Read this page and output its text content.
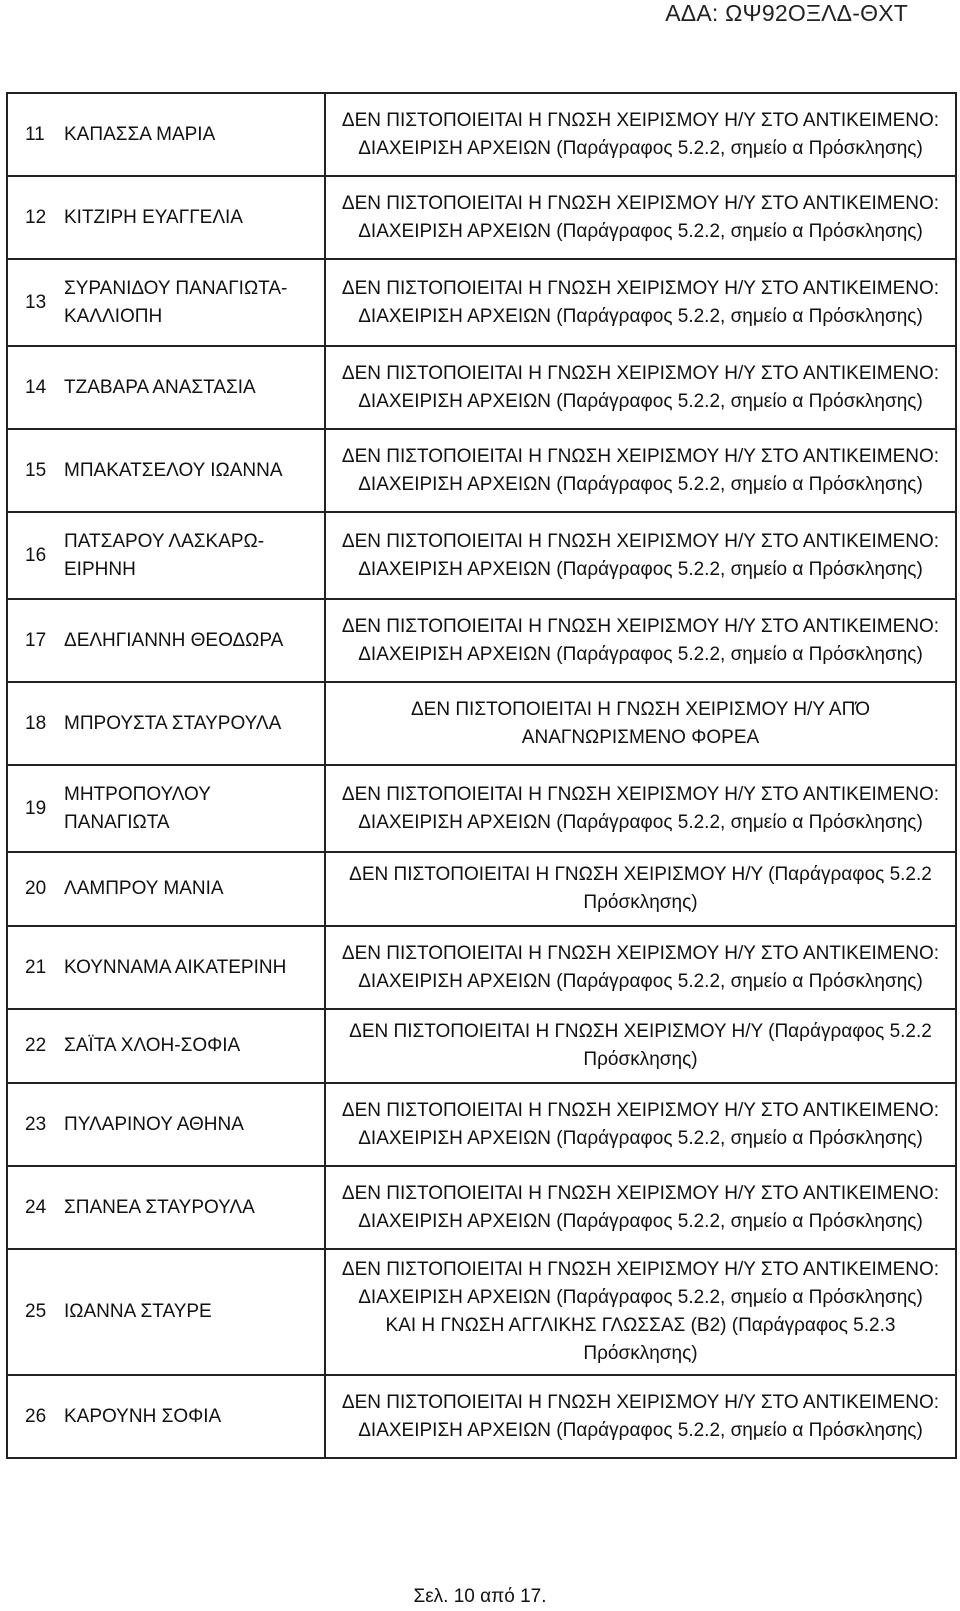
ΑΔΑ: ΩΨ92ΟΞΛΔ-ΘΧΤ
11	ΚΑΠΑΣΣΑ ΜΑΡΙΑ	ΔΕΝ ΠΙΣΤΟΠΟΙΕΙΤΑΙ Η ΓΝΩΣΗ ΧΕΙΡΙΣΜΟΥ Η/Υ ΣΤΟ ΑΝΤΙΚΕΙΜΕΝΟ:
ΔΙΑΧΕΙΡΙΣΗ ΑΡΧΕΙΩΝ (Παράγραφος 5.2.2, σημείο α Πρόσκλησης)

12	ΚΙΤΖΙΡΗ ΕΥΑΓΓΕΛΙΑ	ΔΕΝ ΠΙΣΤΟΠΟΙΕΙΤΑΙ Η ΓΝΩΣΗ ΧΕΙΡΙΣΜΟΥ Η/Υ ΣΤΟ ΑΝΤΙΚΕΙΜΕΝΟ:
ΔΙΑΧΕΙΡΙΣΗ ΑΡΧΕΙΩΝ (Παράγραφος 5.2.2, σημείο α Πρόσκλησης)

13	ΣΥΡΑΝΙΔΟΥ ΠΑΝΑΓΙΩΤΑ-
ΚΑΛΛΙΟΠΗ	ΔΕΝ ΠΙΣΤΟΠΟΙΕΙΤΑΙ Η ΓΝΩΣΗ ΧΕΙΡΙΣΜΟΥ Η/Υ ΣΤΟ ΑΝΤΙΚΕΙΜΕΝΟ:
ΔΙΑΧΕΙΡΙΣΗ ΑΡΧΕΙΩΝ (Παράγραφος 5.2.2, σημείο α Πρόσκλησης)

14	ΤΖΑΒΑΡΑ ΑΝΑΣΤΑΣΙΑ	ΔΕΝ ΠΙΣΤΟΠΟΙΕΙΤΑΙ Η ΓΝΩΣΗ ΧΕΙΡΙΣΜΟΥ Η/Υ ΣΤΟ ΑΝΤΙΚΕΙΜΕΝΟ:
ΔΙΑΧΕΙΡΙΣΗ ΑΡΧΕΙΩΝ (Παράγραφος 5.2.2, σημείο α Πρόσκλησης)

15	ΜΠΑΚΑΤΣΕΛΟΥ ΙΩΑΝΝΑ	ΔΕΝ ΠΙΣΤΟΠΟΙΕΙΤΑΙ Η ΓΝΩΣΗ ΧΕΙΡΙΣΜΟΥ Η/Υ ΣΤΟ ΑΝΤΙΚΕΙΜΕΝΟ:
ΔΙΑΧΕΙΡΙΣΗ ΑΡΧΕΙΩΝ (Παράγραφος 5.2.2, σημείο α Πρόσκλησης)

16	ΠΑΤΣΑΡΟΥ ΛΑΣΚΑΡΩ-
ΕΙΡΗΝΗ	ΔΕΝ ΠΙΣΤΟΠΟΙΕΙΤΑΙ Η ΓΝΩΣΗ ΧΕΙΡΙΣΜΟΥ Η/Υ ΣΤΟ ΑΝΤΙΚΕΙΜΕΝΟ:
ΔΙΑΧΕΙΡΙΣΗ ΑΡΧΕΙΩΝ (Παράγραφος 5.2.2, σημείο α Πρόσκλησης)

17	ΔΕΛΗΓΙΑΝΝΗ ΘΕΟΔΩΡΑ	ΔΕΝ ΠΙΣΤΟΠΟΙΕΙΤΑΙ Η ΓΝΩΣΗ ΧΕΙΡΙΣΜΟΥ Η/Υ ΣΤΟ ΑΝΤΙΚΕΙΜΕΝΟ:
ΔΙΑΧΕΙΡΙΣΗ ΑΡΧΕΙΩΝ (Παράγραφος 5.2.2, σημείο α Πρόσκλησης)

18	ΜΠΡΟΥΣΤΑ ΣΤΑΥΡΟΥΛΑ	ΔΕΝ ΠΙΣΤΟΠΟΙΕΙΤΑΙ Η ΓΝΩΣΗ ΧΕΙΡΙΣΜΟΥ Η/Υ ΑΠΌ
ΑΝΑΓΝΩΡΙΣΜΕΝΟ ΦΟΡΕΑ

19	ΜΗΤΡΟΠΟΥΛΟΥ
ΠΑΝΑΓΙΩΤΑ	ΔΕΝ ΠΙΣΤΟΠΟΙΕΙΤΑΙ Η ΓΝΩΣΗ ΧΕΙΡΙΣΜΟΥ Η/Υ ΣΤΟ ΑΝΤΙΚΕΙΜΕΝΟ:
ΔΙΑΧΕΙΡΙΣΗ ΑΡΧΕΙΩΝ (Παράγραφος 5.2.2, σημείο α Πρόσκλησης)

20	ΛΑΜΠΡΟΥ ΜΑΝΙΑ	ΔΕΝ ΠΙΣΤΟΠΟΙΕΙΤΑΙ Η ΓΝΩΣΗ ΧΕΙΡΙΣΜΟΥ Η/Υ (Παράγραφος 5.2.2
Πρόσκλησης)

21	ΚΟΥΝΝΑΜΑ ΑΙΚΑΤΕΡΙΝΗ	ΔΕΝ ΠΙΣΤΟΠΟΙΕΙΤΑΙ Η ΓΝΩΣΗ ΧΕΙΡΙΣΜΟΥ Η/Υ ΣΤΟ ΑΝΤΙΚΕΙΜΕΝΟ:
ΔΙΑΧΕΙΡΙΣΗ ΑΡΧΕΙΩΝ (Παράγραφος 5.2.2, σημείο α Πρόσκλησης)

22	ΣΑΪΤΑ ΧΛΟΗ-ΣΟΦΙΑ	ΔΕΝ ΠΙΣΤΟΠΟΙΕΙΤΑΙ Η ΓΝΩΣΗ ΧΕΙΡΙΣΜΟΥ Η/Υ (Παράγραφος 5.2.2
Πρόσκλησης)

23	ΠΥΛΑΡΙΝΟΥ ΑΘΗΝΑ	ΔΕΝ ΠΙΣΤΟΠΟΙΕΙΤΑΙ Η ΓΝΩΣΗ ΧΕΙΡΙΣΜΟΥ Η/Υ ΣΤΟ ΑΝΤΙΚΕΙΜΕΝΟ:
ΔΙΑΧΕΙΡΙΣΗ ΑΡΧΕΙΩΝ (Παράγραφος 5.2.2, σημείο α Πρόσκλησης)

24	ΣΠΑΝΕΑ ΣΤΑΥΡΟΥΛΑ	ΔΕΝ ΠΙΣΤΟΠΟΙΕΙΤΑΙ Η ΓΝΩΣΗ ΧΕΙΡΙΣΜΟΥ Η/Υ ΣΤΟ ΑΝΤΙΚΕΙΜΕΝΟ:
ΔΙΑΧΕΙΡΙΣΗ ΑΡΧΕΙΩΝ (Παράγραφος 5.2.2, σημείο α Πρόσκλησης)

25	ΙΩΑΝΝΑ ΣΤΑΥΡΕ	ΔΕΝ ΠΙΣΤΟΠΟΙΕΙΤΑΙ Η ΓΝΩΣΗ ΧΕΙΡΙΣΜΟΥ Η/Υ ΣΤΟ ΑΝΤΙΚΕΙΜΕΝΟ:
ΔΙΑΧΕΙΡΙΣΗ ΑΡΧΕΙΩΝ (Παράγραφος 5.2.2, σημείο α Πρόσκλησης)
ΚΑΙ Η ΓΝΩΣΗ ΑΓΓΛΙΚΗΣ ΓΛΩΣΣΑΣ (Β2) (Παράγραφος 5.2.3
Πρόσκλησης)

26	ΚΑΡΟΥΝΗ ΣΟΦΙΑ	ΔΕΝ ΠΙΣΤΟΠΟΙΕΙΤΑΙ Η ΓΝΩΣΗ ΧΕΙΡΙΣΜΟΥ Η/Υ ΣΤΟ ΑΝΤΙΚΕΙΜΕΝΟ:
ΔΙΑΧΕΙΡΙΣΗ ΑΡΧΕΙΩΝ (Παράγραφος 5.2.2, σημείο α Πρόσκλησης)
Σελ. 10 από 17.
